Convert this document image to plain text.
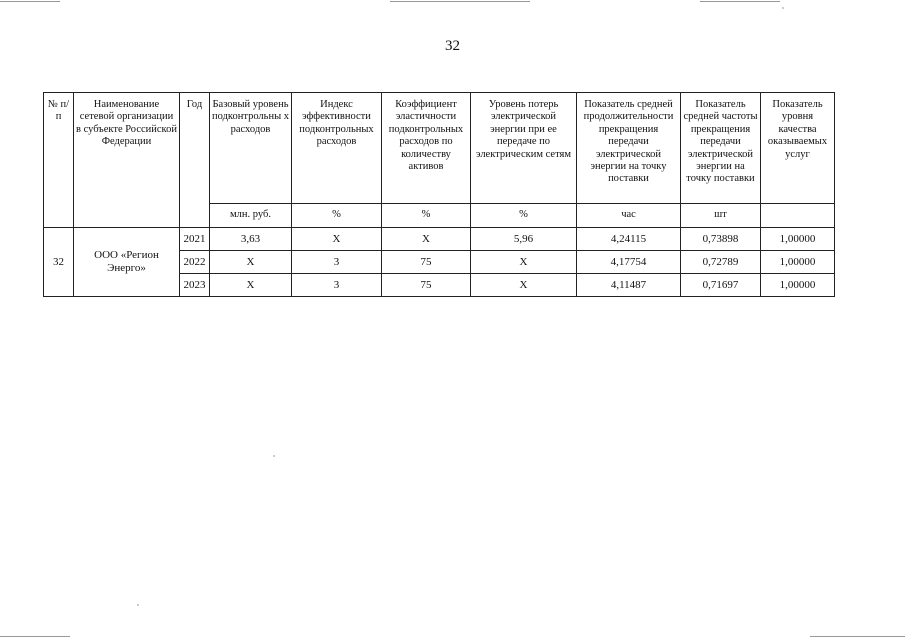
32
№ п/п	Наименование сетевой организации в субъекте Российской Федерации	Год	Базовый уровень подконтрольны х расходов	Индекс эффективности подконтрольных расходов	Коэффициент эластичности подконтрольных расходов по количеству активов	Уровень потерь электрической энергии при ее передаче по электрическим сетям	Показатель средней продолжительности прекращения передачи электрической энергии на точку поставки	Показатель средней частоты прекращения передачи электрической энергии на точку поставки	Показатель уровня качества оказываемых услуг
			млн. руб.	%	%	%	час	шт	
32	ООО «Регион Энерго»	2021	3,63	X	X	5,96	4,24115	0,73898	1,00000
		2022	X	3	75	X	4,17754	0,72789	1,00000
		2023	X	3	75	X	4,11487	0,71697	1,00000
